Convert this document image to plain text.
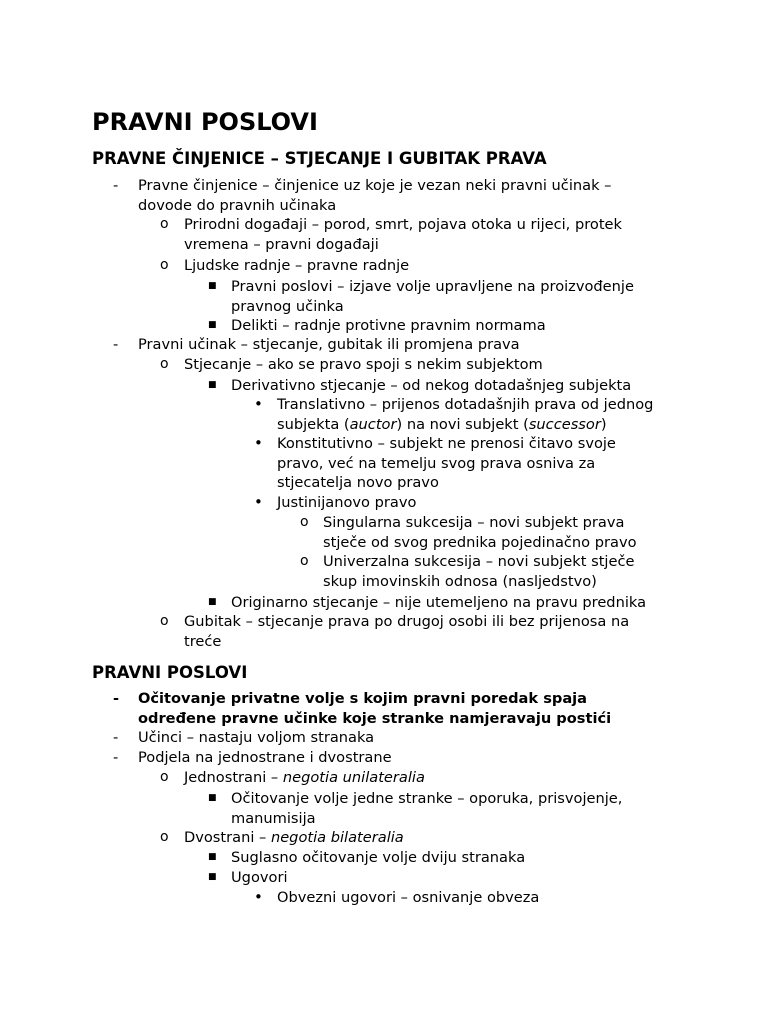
PRAVNI POSLOVI
PRAVNE ČINJENICE – STJECANJE I GUBITAK PRAVA
-	Pravne činjenice – činjenice uz koje je vezan neki pravni učinak –
dovode do pravnih učinaka
o Prirodni događaji – porod, smrt, pojava otoka u rijeci, protek
vremena – pravni događaji
o Ljudske radnje – pravne radnje
■ Pravni poslovi – izjave volje upravljene na proizvođenje
pravnog učinka
■ Delikti – radnje protivne pravnim normama
-	Pravni učinak – stjecanje, gubitak ili promjena prava
o Stjecanje – ako se pravo spoji s nekim subjektom
■ Derivativno stjecanje – od nekog dotadašnjeg subjekta
• Translativno – prijenos dotadašnjih prava od jednog
subjekta (auctor) na novi subjekt (successor)
• Konstitutivno – subjekt ne prenosi čitavo svoje
pravo, već na temelju svog prava osniva za
stjecatelja novo pravo
• Justinijanovo pravo
o Singularna sukcesija – novi subjekt prava
stječe od svog prednika pojedinačno pravo
o Univerzalna sukcesija – novi subjekt stječe
skup imovinskih odnosa (nasljedstvo)
■ Originarno stjecanje – nije utemeljeno na pravu prednika
o Gubitak – stjecanje prava po drugoj osobi ili bez prijenosa na
treće
PRAVNI POSLOVI
- Očitovanje privatne volje s kojim pravni poredak spaja
određene pravne učinke koje stranke namjeravaju postići
-	Učinci – nastaju voljom stranaka
-	Podjela na jednostrane i dvostrane
o Jednostrani – negotia unilateralia
■ Očitovanje volje jedne stranke – oporuka, prisvojenje,
manumisija
o Dvostrani – negotia bilateralia
■ Suglasno očitovanje volje dviju stranaka
■ Ugovori
• Obvezni ugovori – osnivanje obveza
